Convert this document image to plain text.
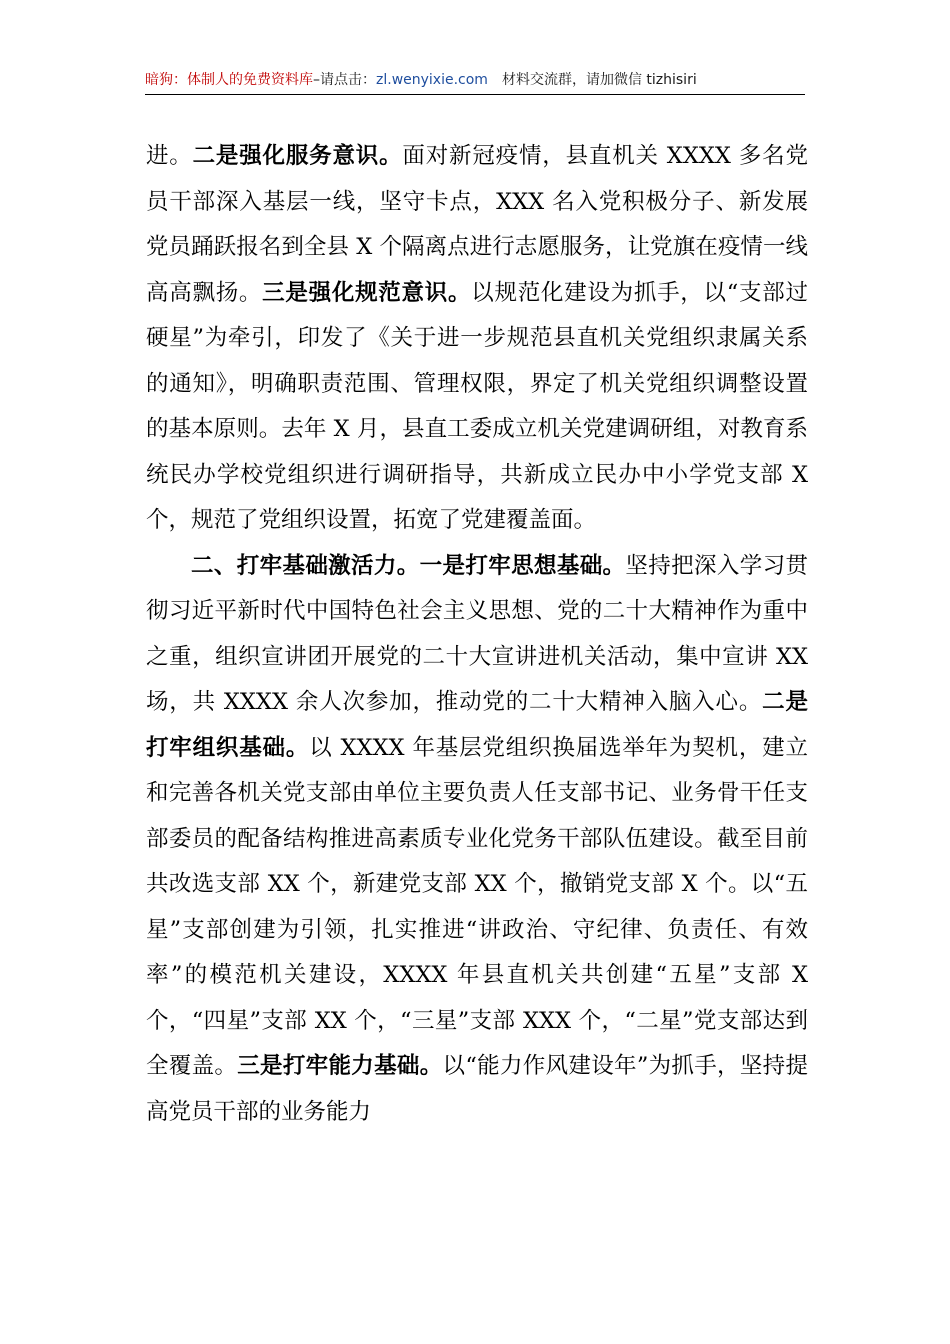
暗狗：体制人的免费资料库–请点击：zl.wenyixie.com 材料交流群，请加微信 tizhisiri

进。二是强化服务意识。面对新冠疫情，县直机关 XXXX 多名党员干部深入基层一线，坚守卡点，XXX 名入党积极分子、新发展党员踊跃报名到全县 X 个隔离点进行志愿服务，让党旗在疫情一线高高飘扬。三是强化规范意识。以规范化建设为抓手，以“支部过硬星”为牵引，印发了《关于进一步规范县直机关党组织隶属关系的通知》，明确职责范围、管理权限，界定了机关党组织调整设置的基本原则。去年 X 月，县直工委成立机关党建调研组，对教育系统民办学校党组织进行调研指导，共新成立民办中小学党支部 X 个，规范了党组织设置，拓宽了党建覆盖面。

二、打牢基础激活力。一是打牢思想基础。坚持把深入学习贯彻习近平新时代中国特色社会主义思想、党的二十大精神作为重中之重，组织宣讲团开展党的二十大宣讲进机关活动，集中宣讲 XX 场，共 XXXX 余人次参加，推动党的二十大精神入脑入心。二是打牢组织基础。以 XXXX 年基层党组织换届选举年为契机，建立和完善各机关党支部由单位主要负责人任支部书记、业务骨干任支部委员的配备结构推进高素质专业化党务干部队伍建设。截至目前共改选支部 XX 个，新建党支部 XX 个，撤销党支部 X 个。以“五星”支部创建为引领，扎实推进“讲政治、守纪律、负责任、有效率”的模范机关建设，XXXX 年县直机关共创建“五星”支部 X 个，“四星”支部 XX 个，“三星”支部 XXX 个，“二星”党支部达到全覆盖。三是打牢能力基础。以“能力作风建设年”为抓手，坚持提高党员干部的业务能力
